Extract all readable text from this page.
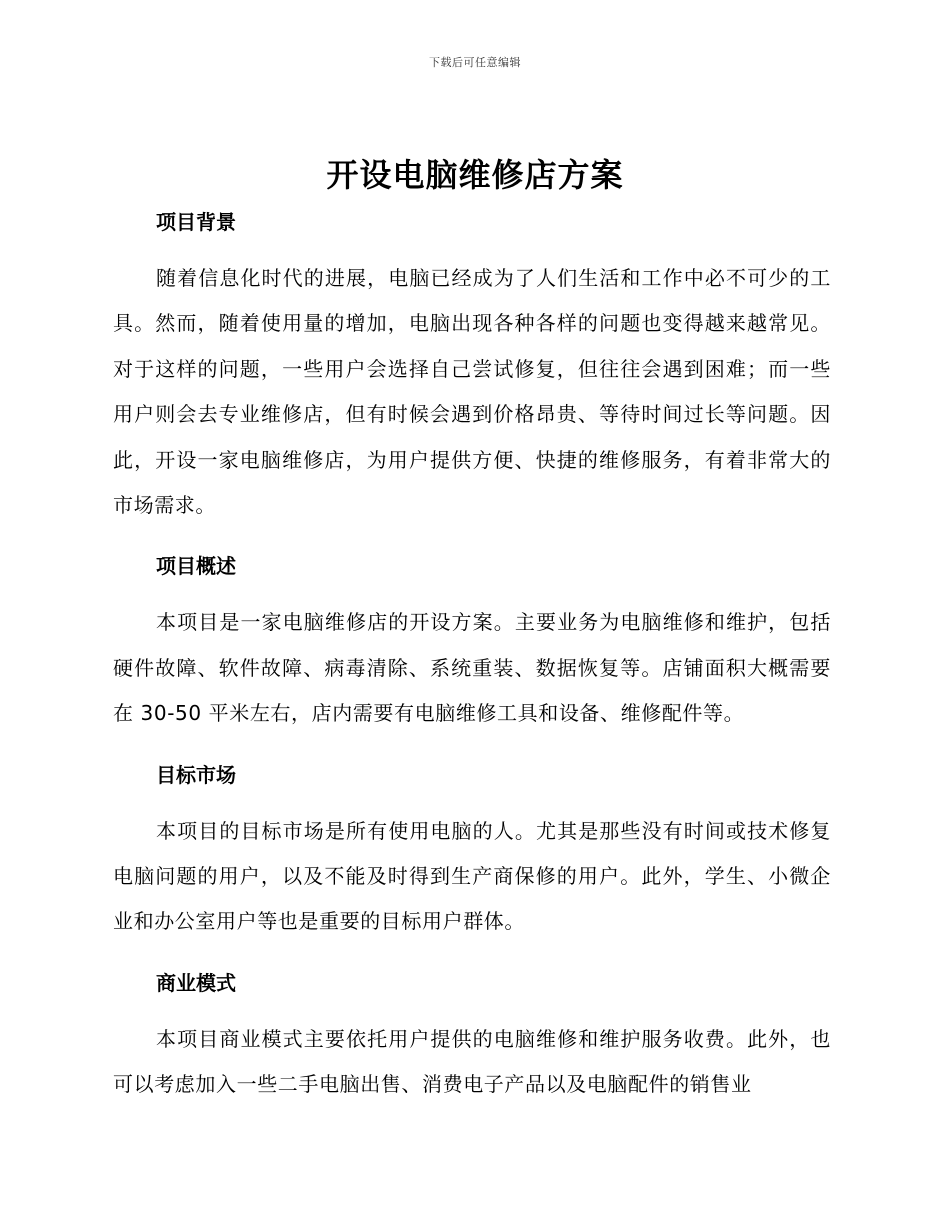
下载后可任意编辑
开设电脑维修店方案
项目背景

随着信息化时代的进展，电脑已经成为了人们生活和工作中必不可少的工具。然而，随着使用量的增加，电脑出现各种各样的问题也变得越来越常见。对于这样的问题，一些用户会选择自己尝试修复，但往往会遇到困难；而一些用户则会去专业维修店，但有时候会遇到价格昂贵、等待时间过长等问题。因此，开设一家电脑维修店，为用户提供方便、快捷的维修服务，有着非常大的市场需求。

项目概述

本项目是一家电脑维修店的开设方案。主要业务为电脑维修和维护，包括硬件故障、软件故障、病毒清除、系统重装、数据恢复等。店铺面积大概需要在 30-50 平米左右，店内需要有电脑维修工具和设备、维修配件等。

目标市场

本项目的目标市场是所有使用电脑的人。尤其是那些没有时间或技术修复电脑问题的用户，以及不能及时得到生产商保修的用户。此外，学生、小微企业和办公室用户等也是重要的目标用户群体。

商业模式

本项目商业模式主要依托用户提供的电脑维修和维护服务收费。此外，也可以考虑加入一些二手电脑出售、消费电子产品以及电脑配件的销售业
